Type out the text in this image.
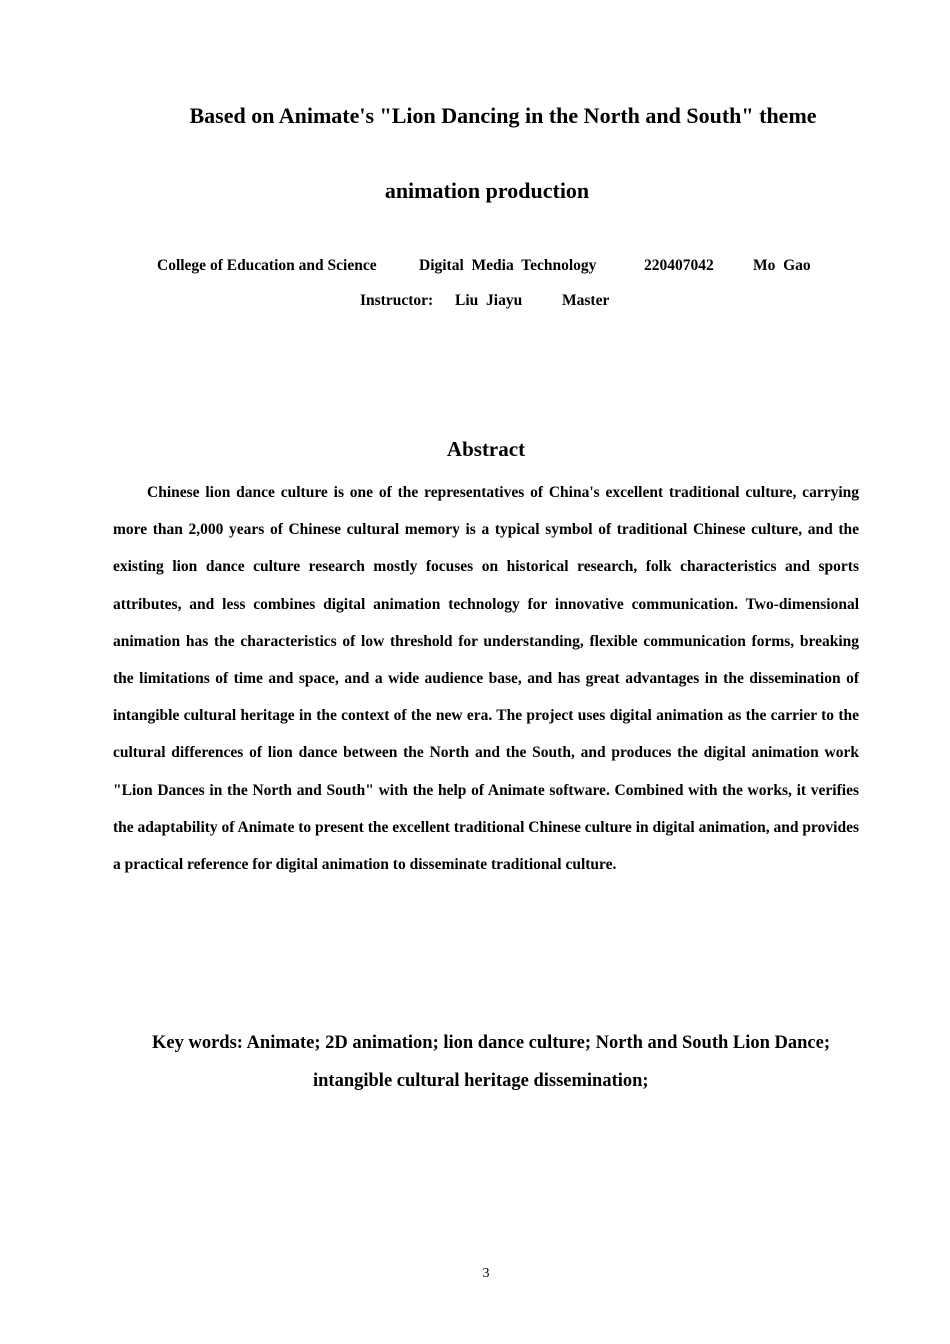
Based on Animate's "Lion Dancing in the North and South" theme
animation production

College of Education and Science

	Digital  Media  Technology

	220407042

	Mo  Gao

Instructor:

Liu  Jiayu

	Master

Abstract

Chinese lion dance culture is one of the representatives of China's excellent traditional culture, carrying more than 2,000 years of Chinese cultural memory is a typical symbol of traditional Chinese culture, and the existing lion dance culture research mostly focuses on historical research, folk characteristics and sports attributes, and less combines digital animation technology for innovative communication. Two-dimensional animation has the characteristics of low threshold for understanding, flexible communication forms, breaking the limitations of time and space, and a wide audience base, and has great advantages in the dissemination of intangible cultural heritage in the context of the new era. The project uses digital animation as the carrier to the cultural differences of lion dance between the North and the South, and produces the digital animation work "Lion Dances in the North and South" with the help of Animate software. Combined with the works, it verifies the adaptability of Animate to present the excellent traditional Chinese culture in digital animation, and provides a practical reference for digital animation to disseminate traditional culture.

Key words: Animate; 2D animation; lion dance culture; North and South Lion Dance;
intangible cultural heritage dissemination;
3
